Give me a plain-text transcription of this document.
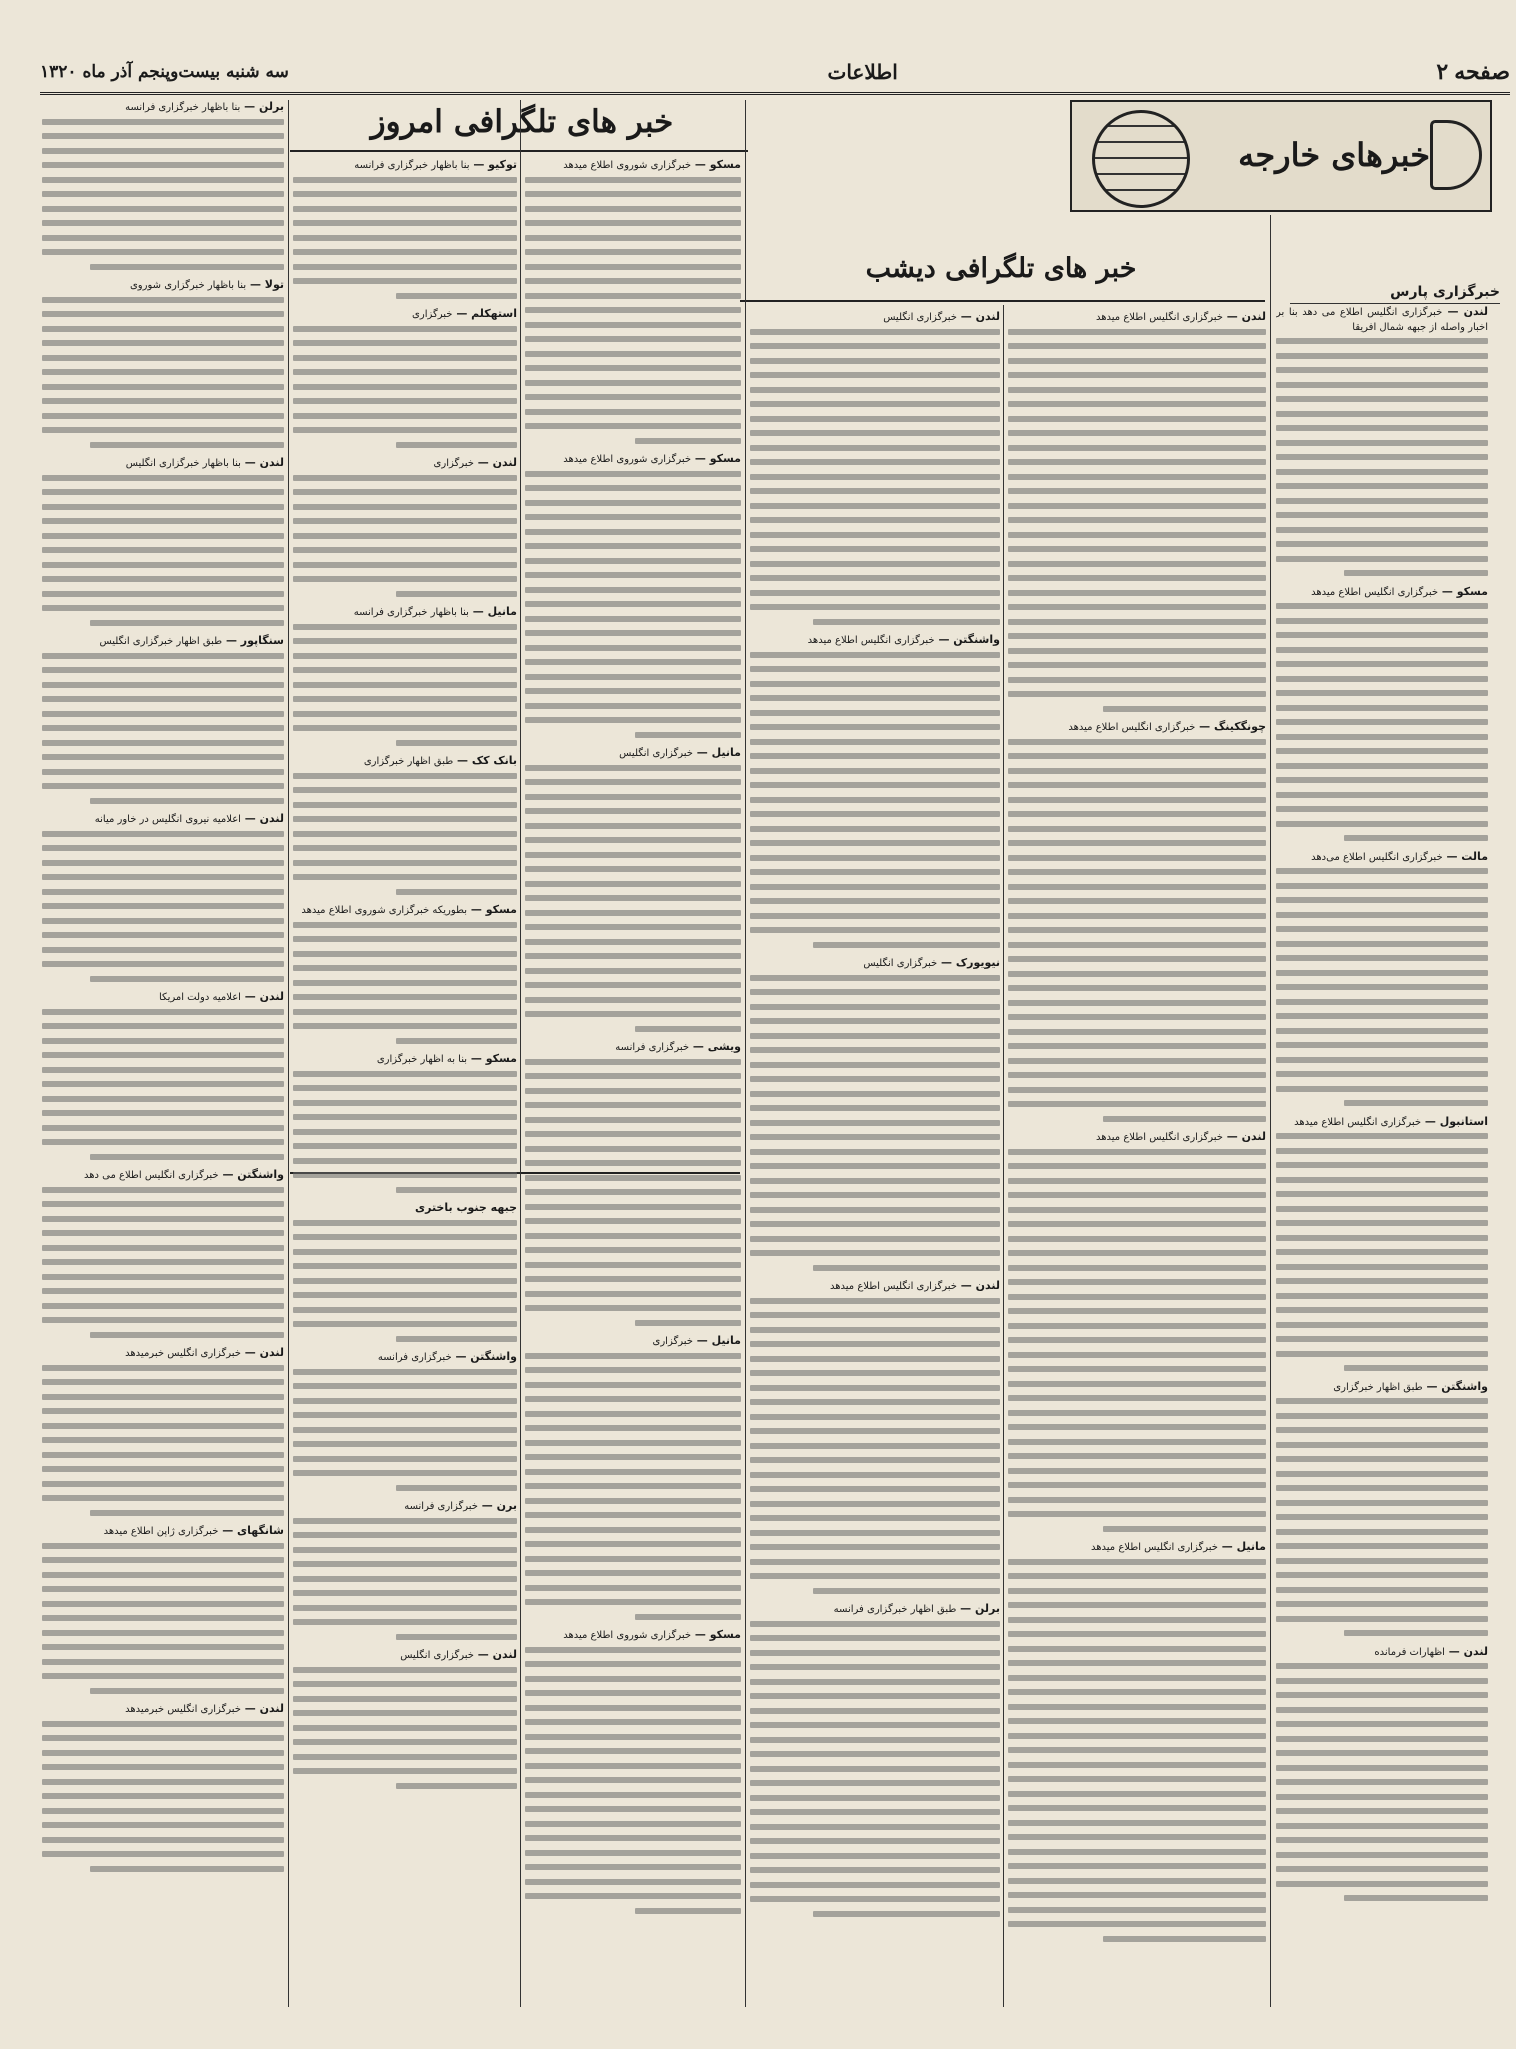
صفحه
۲
اطلاعات
سه شنبه بیست‌وپنجم آذر ماه ۱۳۲۰
خبرهای خارجه
خبر های تلگرافی امروز
خبر های تلگرافی دیشب
خبرگزاری پارس
لندن — خبرگزاری انگلیس اطلاع می دهد بنا بر اخبار واصله از جبهه شمال افریقا
مسکو — خبرگزاری انگلیس اطلاع میدهد
مالت — خبرگزاری انگلیس اطلاع می‌دهد
استانبول — خبرگزاری انگلیس اطلاع میدهد
واشنگتن — طبق اظهار خبرگزاری
لندن — اظهارات فرمانده
لندن — خبرگزاری انگلیس اطلاع میدهد
چونگکینگ — خبرگزاری انگلیس اطلاع میدهد
لندن — خبرگزاری انگلیس اطلاع میدهد
مانیل — خبرگزاری انگلیس اطلاع میدهد
لندن — خبرگزاری انگلیس
واشنگتن — خبرگزاری انگلیس اطلاع میدهد
نیویورک — خبرگزاری انگلیس
لندن — خبرگزاری انگلیس اطلاع میدهد
برلن — طبق اظهار خبرگزاری فرانسه
مسکو — خبرگزاری شوروی اطلاع میدهد
مسکو — خبرگزاری شوروی اطلاع میدهد
مانیل — خبرگزاری انگلیس
ویشی — خبرگزاری فرانسه
مانیل — خبرگزاری
مسکو — خبرگزاری شوروی اطلاع میدهد
توکیو — بنا باظهار خبرگزاری فرانسه
استهکلم — خبرگزاری
لندن — خبرگزاری
مانیل — بنا باظهار خبرگزاری فرانسه
بانک کک — طبق اظهار خبرگزاری
مسکو — بطوریکه خبرگزاری شوروی اطلاع میدهد
مسکو — بنا به اظهار خبرگزاری
جبهه جنوب باختری
واشنگتن — خبرگزاری فرانسه
برن — خبرگزاری فرانسه
لندن — خبرگزاری انگلیس
برلن — بنا باظهار خبرگزاری فرانسه
تولا — بنا باظهار خبرگزاری شوروی
لندن — بنا باظهار خبرگزاری انگلیس
سنگاپور — طبق اظهار خبرگزاری انگلیس
لندن — اعلامیه نیروی انگلیس در خاور میانه
لندن — اعلامیه دولت امریکا
واشنگتن — خبرگزاری انگلیس اطلاع می دهد
لندن — خبرگزاری انگلیس خبرمیدهد
شانگهای — خبرگزاری ژاپن اطلاع میدهد
لندن — خبرگزاری انگلیس خبرمیدهد
